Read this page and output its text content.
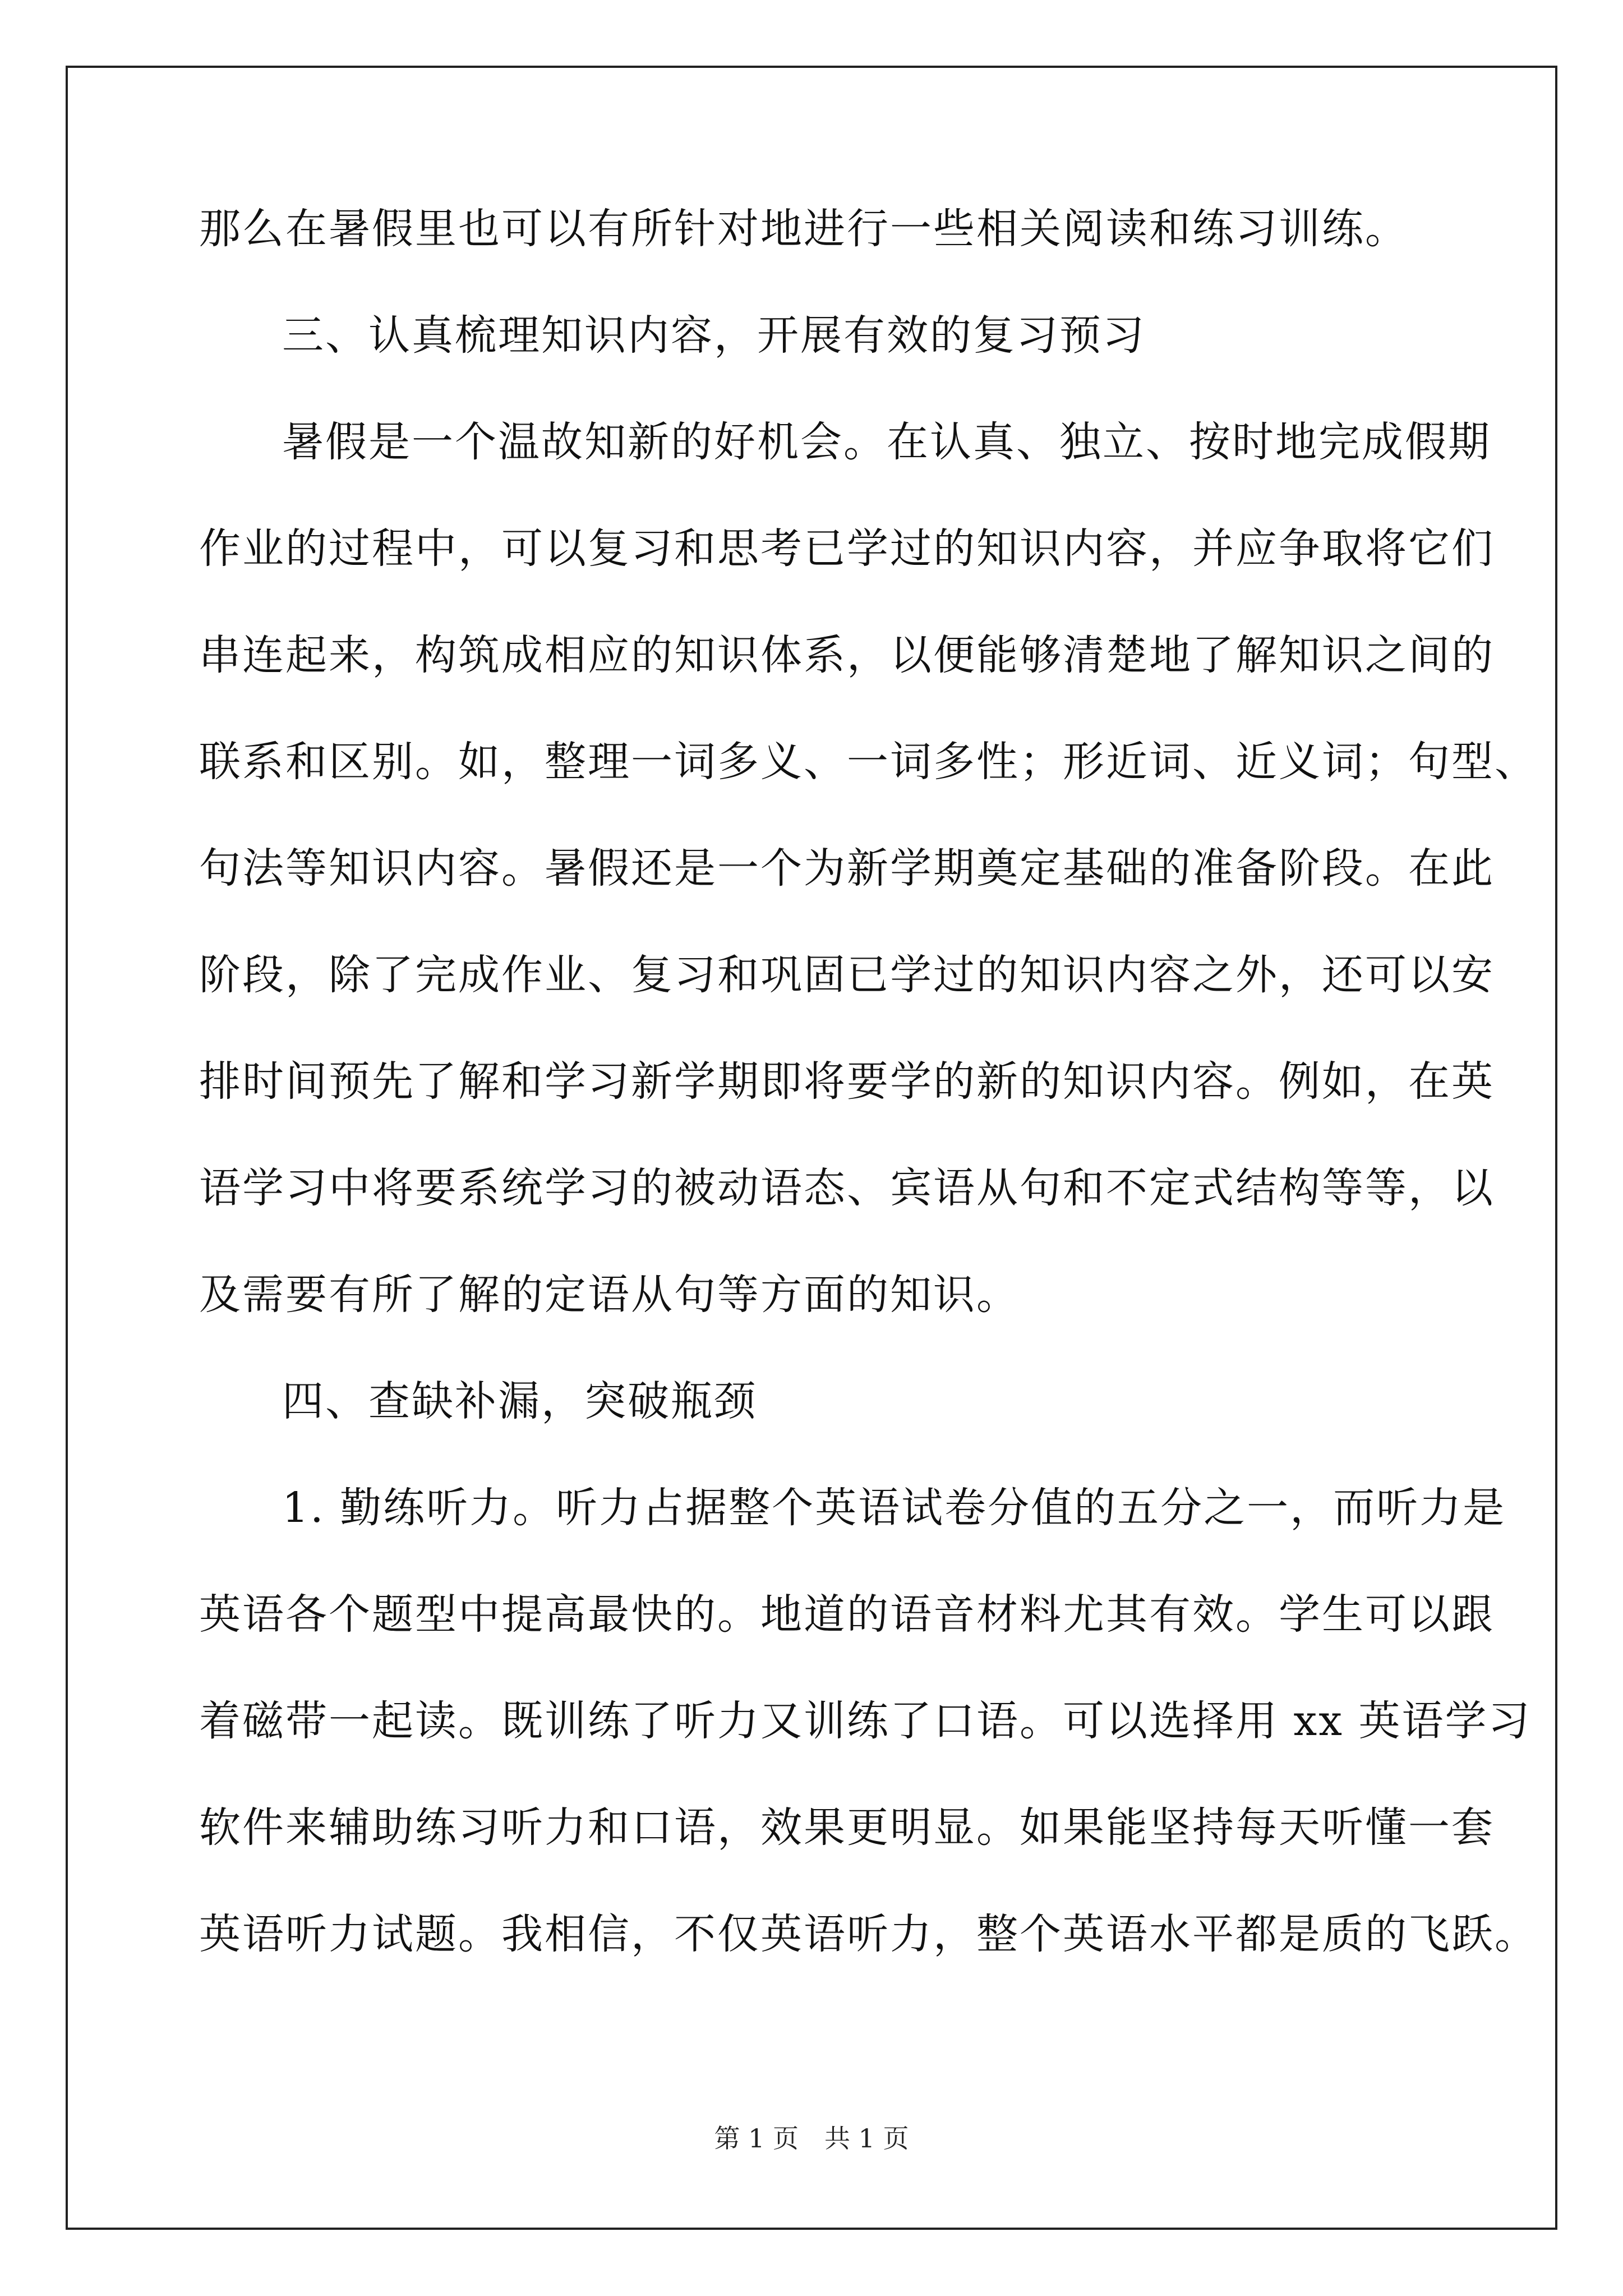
那么在暑假里也可以有所针对地进行一些相关阅读和练习训练。
三、认真梳理知识内容，开展有效的复习预习
暑假是一个温故知新的好机会。在认真、独立、按时地完成假期
作业的过程中，可以复习和思考已学过的知识内容，并应争取将它们
串连起来，构筑成相应的知识体系，以便能够清楚地了解知识之间的
联系和区别。如，整理一词多义、一词多性；形近词、近义词；句型、
句法等知识内容。暑假还是一个为新学期奠定基础的准备阶段。在此
阶段，除了完成作业、复习和巩固已学过的知识内容之外，还可以安
排时间预先了解和学习新学期即将要学的新的知识内容。例如，在英
语学习中将要系统学习的被动语态、宾语从句和不定式结构等等，以
及需要有所了解的定语从句等方面的知识。
四、查缺补漏，突破瓶颈
1. 勤练听力。听力占据整个英语试卷分值的五分之一，而听力是
英语各个题型中提高最快的。地道的语音材料尤其有效。学生可以跟
着磁带一起读。既训练了听力又训练了口语。可以选择用 xx 英语学习
软件来辅助练习听力和口语，效果更明显。如果能坚持每天听懂一套
英语听力试题。我相信，不仅英语听力，整个英语水平都是质的飞跃。
第 1 页　共 1 页
